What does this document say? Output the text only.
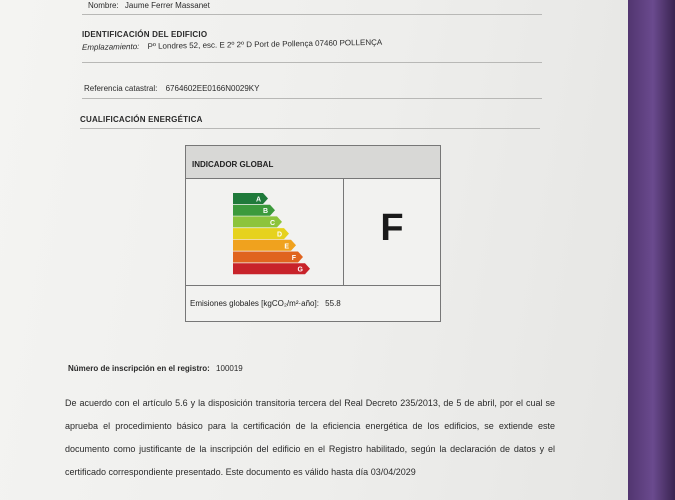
Nombre: Jaume Ferrer Massanet
IDENTIFICACIÓN DEL EDIFICIO
Emplazamiento: Pº Londres 52, esc. E 2º 2º D Port de Pollença 07460 POLLENÇA
Referencia catastral: 6764602EE0166N0029KY
CUALIFICACIÓN ENERGÉTICA
INDICADOR GLOBAL
A
B
C
D
E
F
G
F
Emisiones globales [kgCO₂/m²·año]: 55.8
Número de inscripción en el registro: 100019
De acuerdo con el artículo 5.6 y la disposición transitoria tercera del Real Decreto 235/2013, de 5 de abril, por el cual se aprueba el procedimiento básico para la certificación de la eficiencia energética de los edificios, se extiende este documento como justificante de la inscripción del edificio en el Registro habilitado, según la declaración de datos y el certificado correspondiente presentado. Este documento es válido hasta día 03/04/2029
